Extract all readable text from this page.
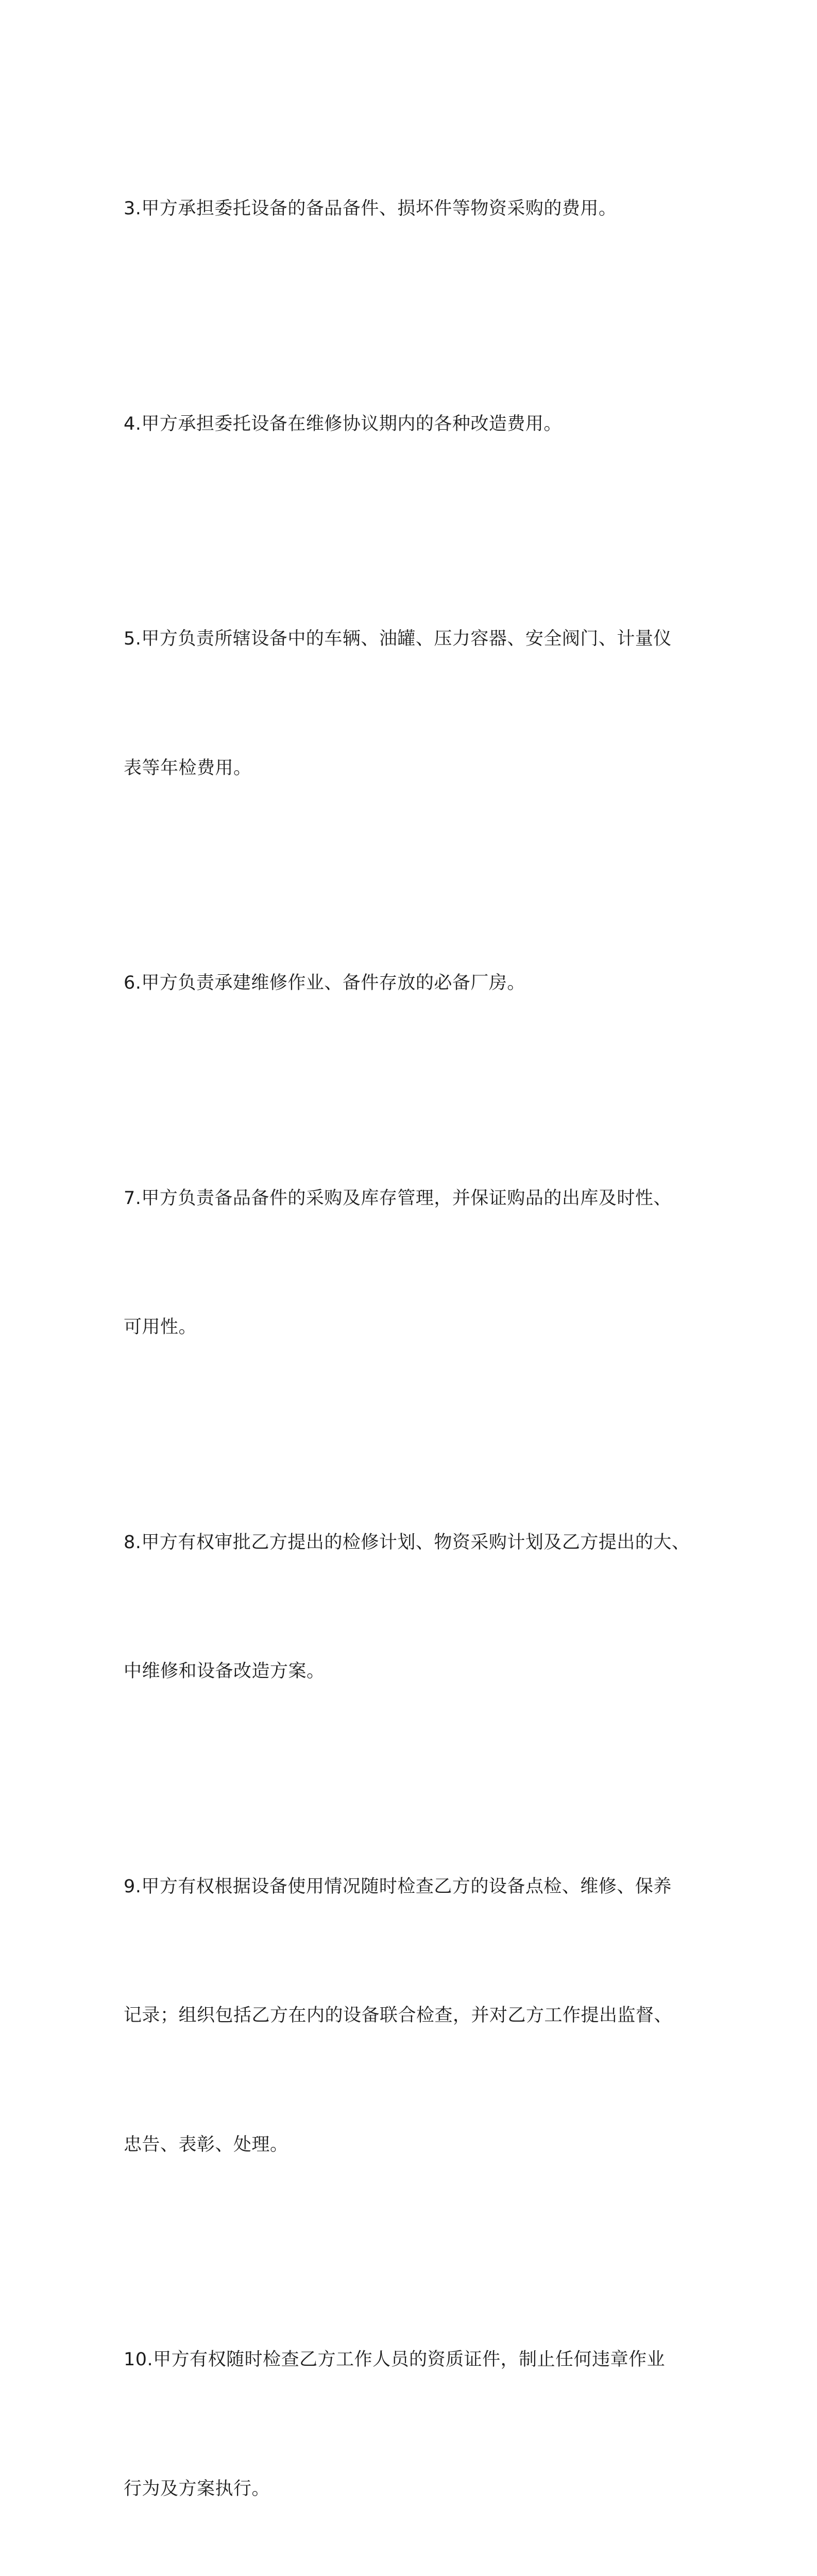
3.甲方承担委托设备的备品备件、损坏件等物资采购的费用。

4.甲方承担委托设备在维修协议期内的各种改造费用。

5.甲方负责所辖设备中的车辆、油罐、压力容器、安全阀门、计量仪

表等年检费用。

6.甲方负责承建维修作业、备件存放的必备厂房。

7.甲方负责备品备件的采购及库存管理，并保证购品的出库及时性、

可用性。

8.甲方有权审批乙方提出的检修计划、物资采购计划及乙方提出的大、

中维修和设备改造方案。

9.甲方有权根据设备使用情况随时检查乙方的设备点检、维修、保养

记录；组织包括乙方在内的设备联合检查，并对乙方工作提出监督、

忠告、表彰、处理。

10.甲方有权随时检查乙方工作人员的资质证件，制止任何违章作业

行为及方案执行。
